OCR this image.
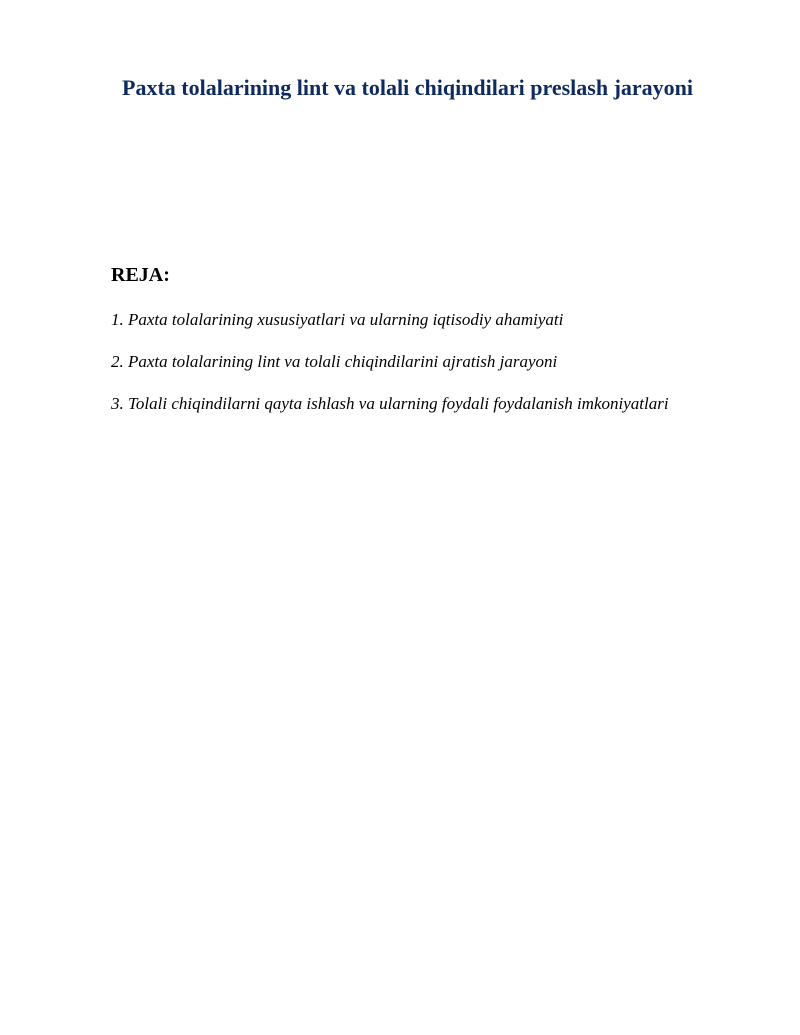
Paxta tolalarining lint va tolali chiqindilari preslash jarayoni
REJA:
1. Paxta tolalarining xususiyatlari va ularning iqtisodiy ahamiyati
2. Paxta tolalarining lint va tolali chiqindilarini ajratish jarayoni
3. Tolali chiqindilarni qayta ishlash va ularning foydali foydalanish imkoniyatlari
